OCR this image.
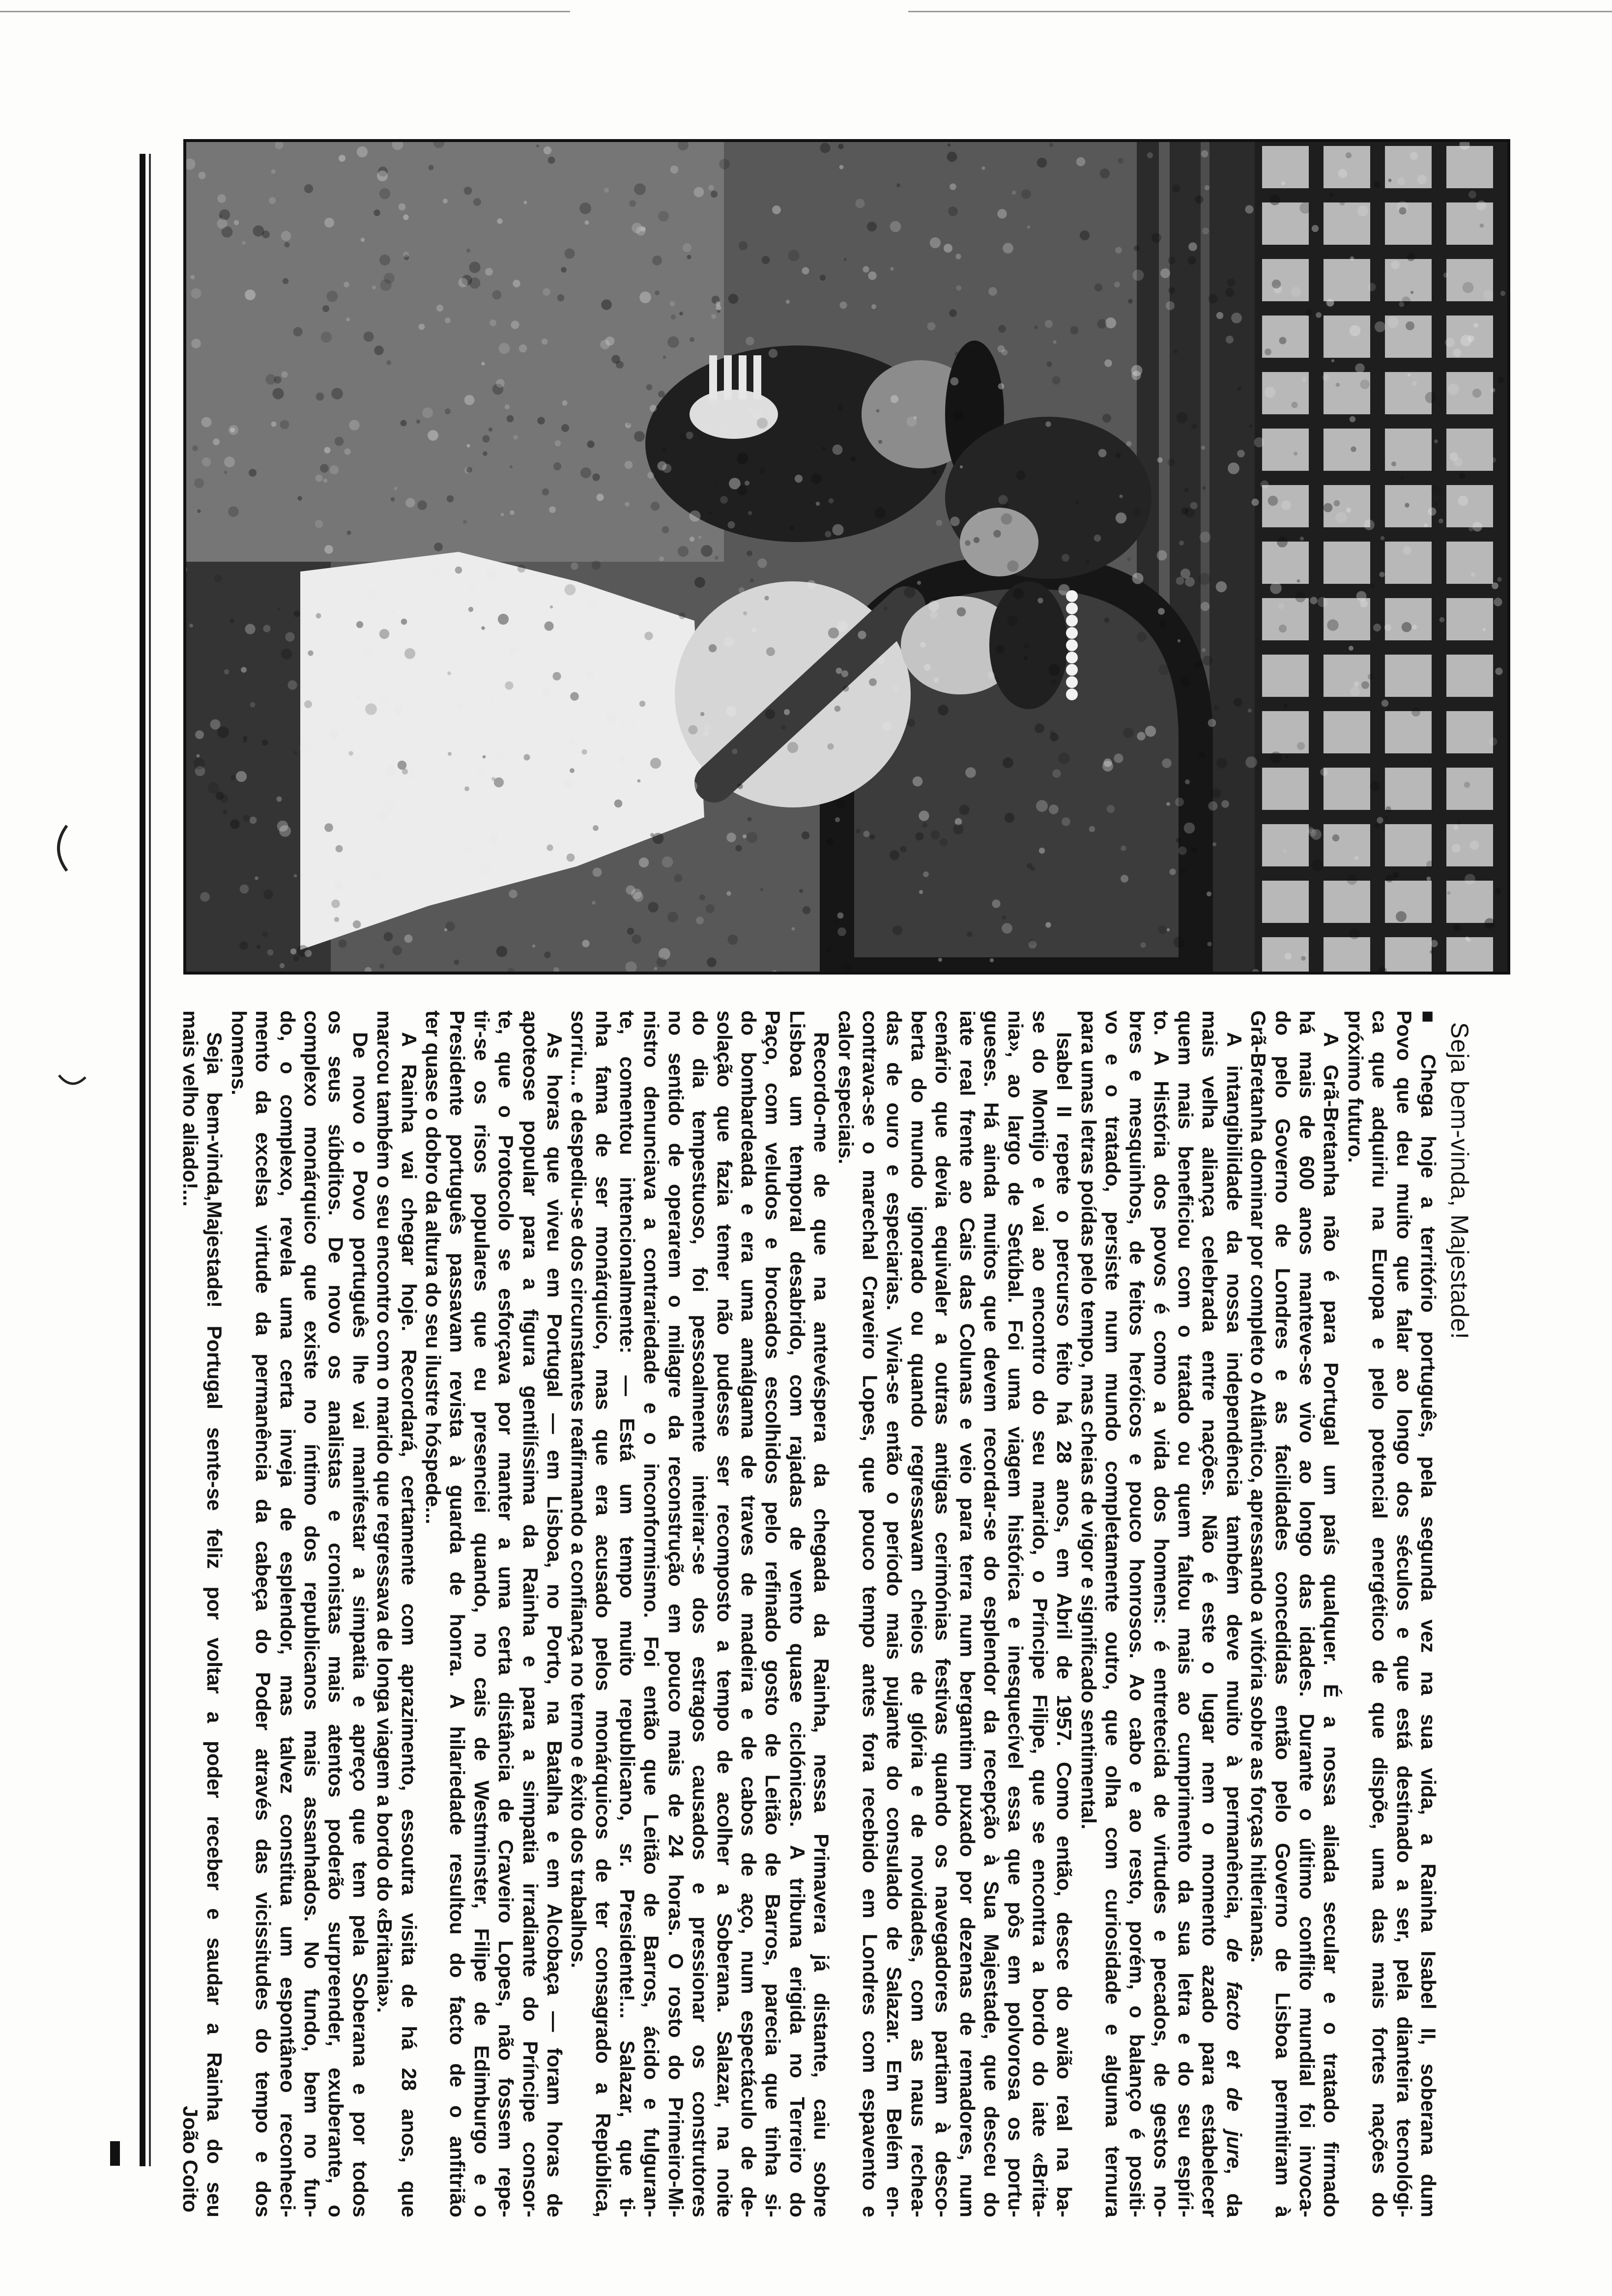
Seja bem-vinda, Majestade!
■ Chega hoje a território português, pela segunda vez na sua vida, a Rainha Isabel II, soberana dum
Povo que deu muito que falar ao longo dos séculos e que está destinado a ser, pela dianteira tecnológi-
ca que adquiriu na Europa e pelo potencial energético de que dispõe, uma das mais fortes nações do
próximo futuro.
A Grã-Bretanha não é para Portugal um país qualquer. É a nossa aliada secular e o tratado firmado
há mais de 600 anos manteve-se vivo ao longo das idades. Durante o último conflito mundial foi invoca-
do pelo Governo de Londres e as facilidades concedidas então pelo Governo de Lisboa permitiram à
Grã-Bretanha dominar por completo o Atlântico, apressando a vitória sobre as forças hitlerianas.
A intangibilidade da nossa independência também deve muito à permanência, de facto et de jure, da
mais velha aliança celebrada entre nações. Não é este o lugar nem o momento azado para estabelecer
quem mais beneficiou com o tratado ou quem faltou mais ao cumprimento da sua letra e do seu espíri-
to. A História dos povos é como a vida dos homens: é entretecida de virtudes e pecados, de gestos no-
bres e mesquinhos, de feitos heróicos e pouco honrosos. Ao cabo e ao resto, porém, o balanço é positi-
vo e o tratado, persiste num mundo completamente outro, que olha com curiosidade e alguma ternura
para umas letras poídas pelo tempo, mas cheias de vigor e significado sentimental.
Isabel II repete o percurso feito há 28 anos, em Abril de 1957. Como então, desce do avião real na ba-
se do Montijo e vai ao encontro do seu marido, o Príncipe Filipe, que se encontra a bordo do iate «Brita-
nia», ao largo de Setúbal. Foi uma viagem histórica e inesquecível essa que pôs em polvorosa os portu-
gueses. Há ainda muitos que devem recordar-se do esplendor da recepção à Sua Majestade, que desceu do
iate real frente ao Cais das Colunas e veio para terra num bergantim puxado por dezenas de remadores, num
cenário que devia equivaler a outras antigas cerimónias festivas quando os navegadores partiam à desco-
berta do mundo ignorado ou quando regressavam cheios de glória e de novidades, com as naus rechea-
das de ouro e especiarias. Vivia-se então o período mais pujante do consulado de Salazar. Em Belém en-
contrava-se o marechal Craveiro Lopes, que pouco tempo antes fora recebido em Londres com espavento e
calor especiais.
Recordo-me de que na antevéspera da chegada da Rainha, nessa Primavera já distante, caiu sobre
Lisboa um temporal desabrido, com rajadas de vento quase ciclónicas. A tribuna erigida no Terreiro do
Paço, com veludos e brocados escolhidos pelo refinado gosto de Leitão de Barros, parecia que tinha si-
do bombardeada e era uma amálgama de traves de madeira e de cabos de aço, num espectáculo de de-
solação que fazia temer não pudesse ser recomposto a tempo de acolher a Soberana. Salazar, na noite
do dia tempestuoso, foi pessoalmente inteirar-se dos estragos causados e pressionar os construtores
no sentido de operarem o milagre da reconstrução em pouco mais de 24 horas. O rosto do Primeiro-Mi-
nistro denunciava a contrariedade e o inconformismo. Foi então que Leitão de Barros, ácido e fulguran-
te, comentou intencionalmente: — Está um tempo muito republicano, sr. Presidente!... Salazar, que ti-
nha fama de ser monárquico, mas que era acusado pelos monárquicos de ter consagrado a República,
sorriu... e despediu-se dos circunstantes reafirmando a confiança no termo e êxito dos trabalhos.
As horas que viveu em Portugal — em Lisboa, no Porto, na Batalha e em Alcobaça — foram horas de
apoteose popular para a figura gentilíssima da Rainha e para a simpatia irradiante do Príncipe consor-
te, que o Protocolo se esforçava por manter a uma certa distância de Craveiro Lopes, não fossem repe-
tir-se os risos populares que eu presenciei quando, no cais de Westminster, Filipe de Edimburgo e o
Presidente português passavam revista à guarda de honra. A hilariedade resultou do facto de o anfitrião
ter quase o dobro da altura do seu ilustre hóspede...
A Rainha vai chegar hoje. Recordará, certamente com aprazimento, essoutra visita de há 28 anos, que
marcou também o seu encontro com o marido que regressava de longa viagem a bordo do «Britania».
De novo o Povo português lhe vai manifestar a simpatia e apreço que tem pela Soberana e por todos
os seus súbditos. De novo os analistas e cronistas mais atentos poderão surpreender, exuberante, o
complexo monárquico que existe no íntimo dos republicanos mais assanhados. No fundo, bem no fun-
do, o complexo, revela uma certa inveja de esplendor, mas talvez constitua um espontâneo reconheci-
mento da excelsa virtude da permanência da cabeça do Poder através das vicissitudes do tempo e dos
homens.
Seja bem-vinda,Majestade! Portugal sente-se feliz por voltar a poder receber e saudar a Rainha do seu
mais velho aliado!...
João Coito
